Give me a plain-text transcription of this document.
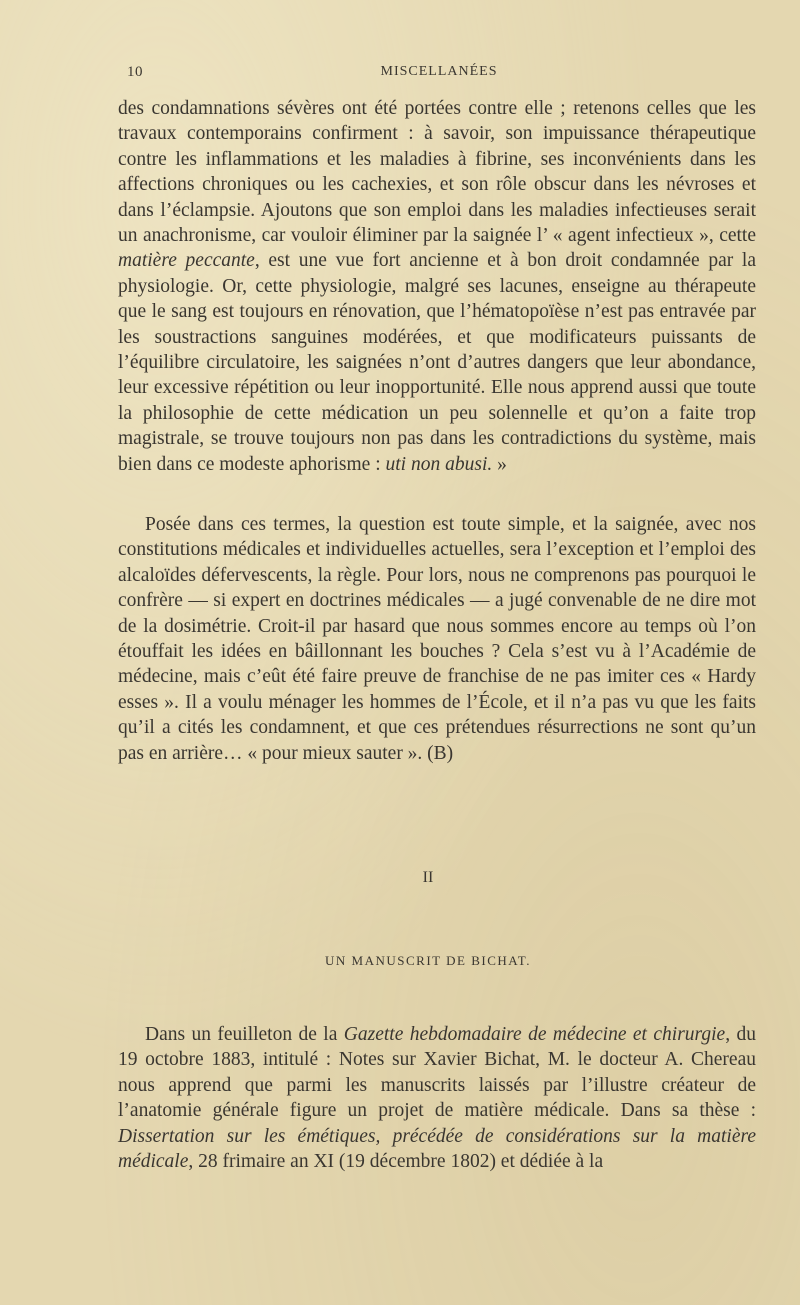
10	MISCELLANÉES

des condamnations sévères ont été portées contre elle ; retenons celles que les travaux contemporains confirment : à savoir, son impuissance thérapeutique contre les inflammations et les maladies à fibrine, ses inconvénients dans les affections chroniques ou les cachexies, et son rôle obscur dans les névroses et dans l’éclampsie. Ajoutons que son emploi dans les maladies infectieuses serait un anachronisme, car vouloir éliminer par la saignée l’ « agent infectieux », cette matière peccante, est une vue fort ancienne et à bon droit condamnée par la physiologie. Or, cette physiologie, malgré ses lacunes, enseigne au thérapeute que le sang est toujours en rénovation, que l’hématopoïèse n’est pas entravée par les soustractions sanguines modérées, et que modificateurs puissants de l’équilibre circulatoire, les saignées n’ont d’autres dangers que leur abondance, leur excessive répétition ou leur inopportunité. Elle nous apprend aussi que toute la philosophie de cette médication un peu solennelle et qu’on a faite trop magistrale, se trouve toujours non pas dans les contradictions du système, mais bien dans ce modeste aphorisme : uti non abusi. »

Posée dans ces termes, la question est toute simple, et la saignée, avec nos constitutions médicales et individuelles actuelles, sera l’exception et l’emploi des alcaloïdes défervescents, la règle. Pour lors, nous ne comprenons pas pourquoi le confrère — si expert en doctrines médicales — a jugé convenable de ne dire mot de la dosimétrie. Croit-il par hasard que nous sommes encore au temps où l’on étouffait les idées en bâillonnant les bouches ? Cela s’est vu à l’Académie de médecine, mais c’eût été faire preuve de franchise de ne pas imiter ces « Hardy esses ». Il a voulu ménager les hommes de l’École, et il n’a pas vu que les faits qu’il a cités les condamnent, et que ces prétendues résurrections ne sont qu’un pas en arrière… « pour mieux sauter ». (B)

II
UN MANUSCRIT DE BICHAT.

Dans un feuilleton de la Gazette hebdomadaire de médecine et chirurgie, du 19 octobre 1883, intitulé : Notes sur Xavier Bichat, M. le docteur A. Chereau nous apprend que parmi les manuscrits laissés par l’illustre créateur de l’anatomie générale figure un projet de matière médicale. Dans sa thèse : Dissertation sur les émétiques, précédée de considérations sur la matière médicale, 28 frimaire an XI (19 décembre 1802) et dédiée à la
